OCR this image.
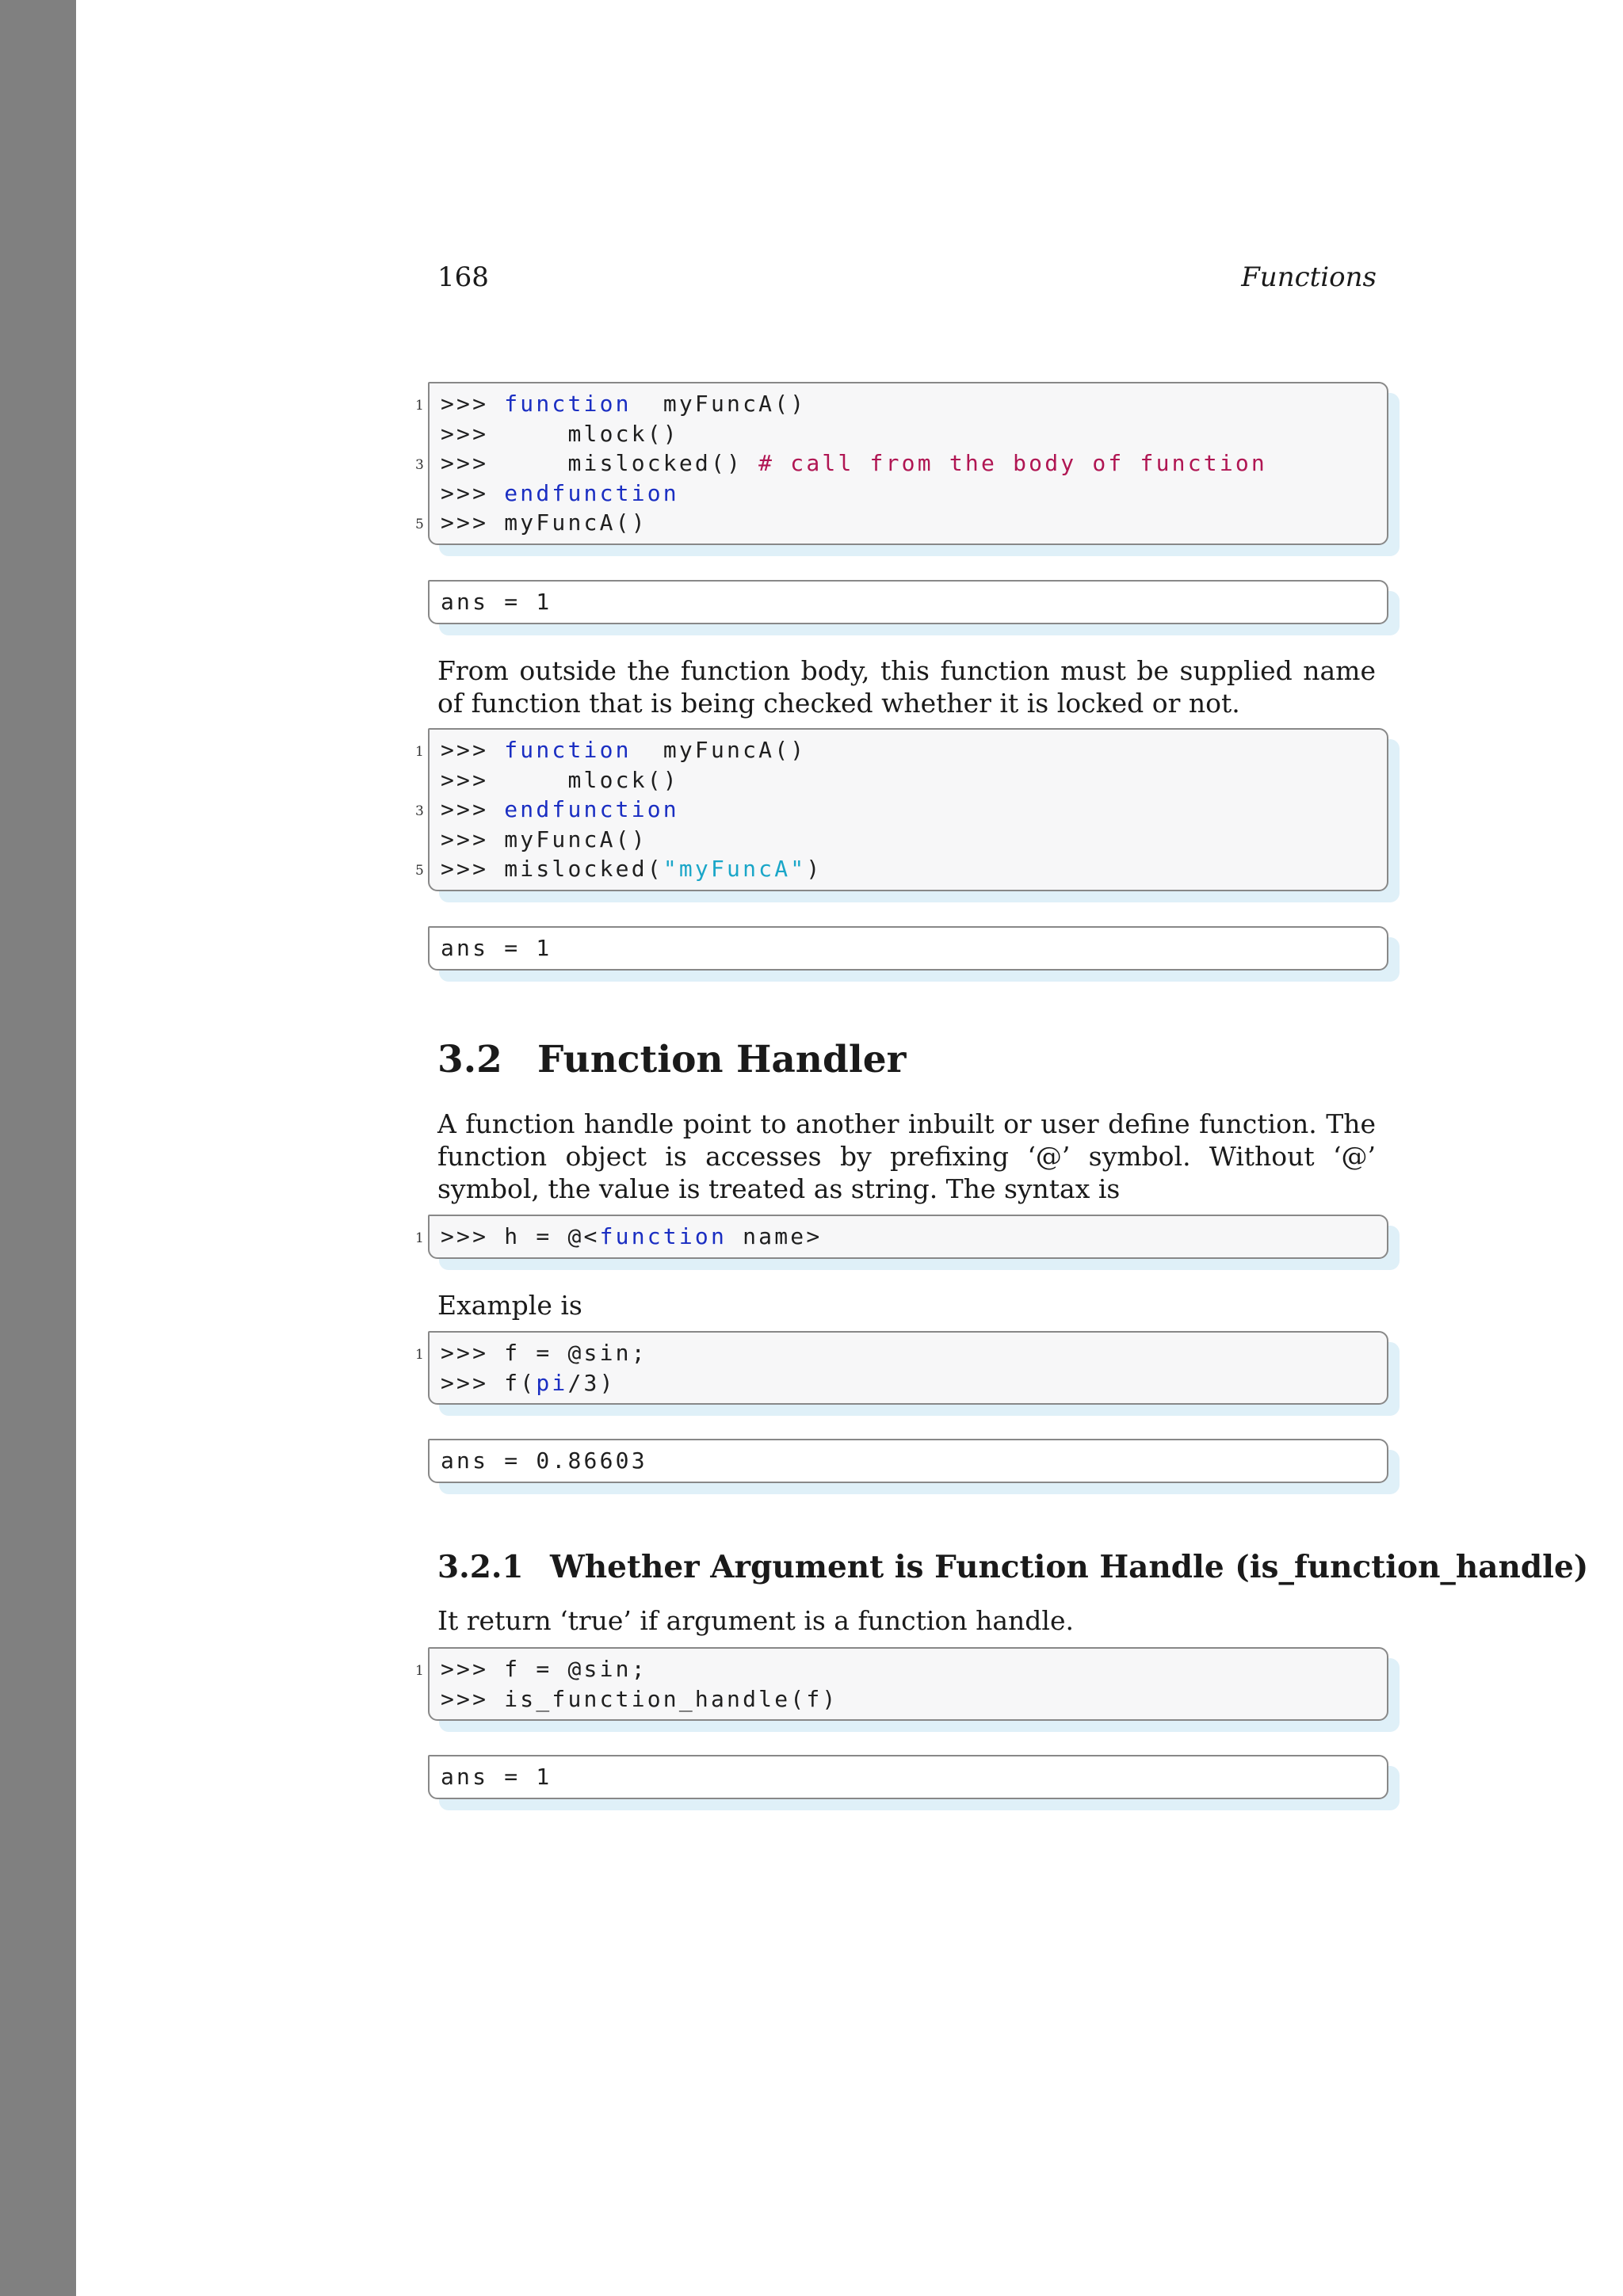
168	Functions
1 >>> function  myFuncA()
>>>     mlock()
3 >>>     mislocked() # call from the body of function
>>> endfunction
5 >>> myFuncA()
ans = 1

From outside the function body, this function must be supplied name of function that is being checked whether it is locked or not.

1 >>> function  myFuncA()
>>>     mlock()
3 >>> endfunction
>>> myFuncA()
5 >>> mislocked("myFuncA")
ans = 1
3.2 Function Handler

A function handle point to another inbuilt or user define function. The function object is accesses by prefixing ‘@’ symbol. Without ‘@’ symbol, the value is treated as string. The syntax is

1 >>> h = @<function name>

Example is

1 >>> f = @sin;
>>> f(pi/3)
ans = 0.86603
3.2.1 Whether Argument is Function Handle (is_function_handle)

It return ‘true’ if argument is a function handle.

1 >>> f = @sin;
>>> is_function_handle(f)
ans = 1
